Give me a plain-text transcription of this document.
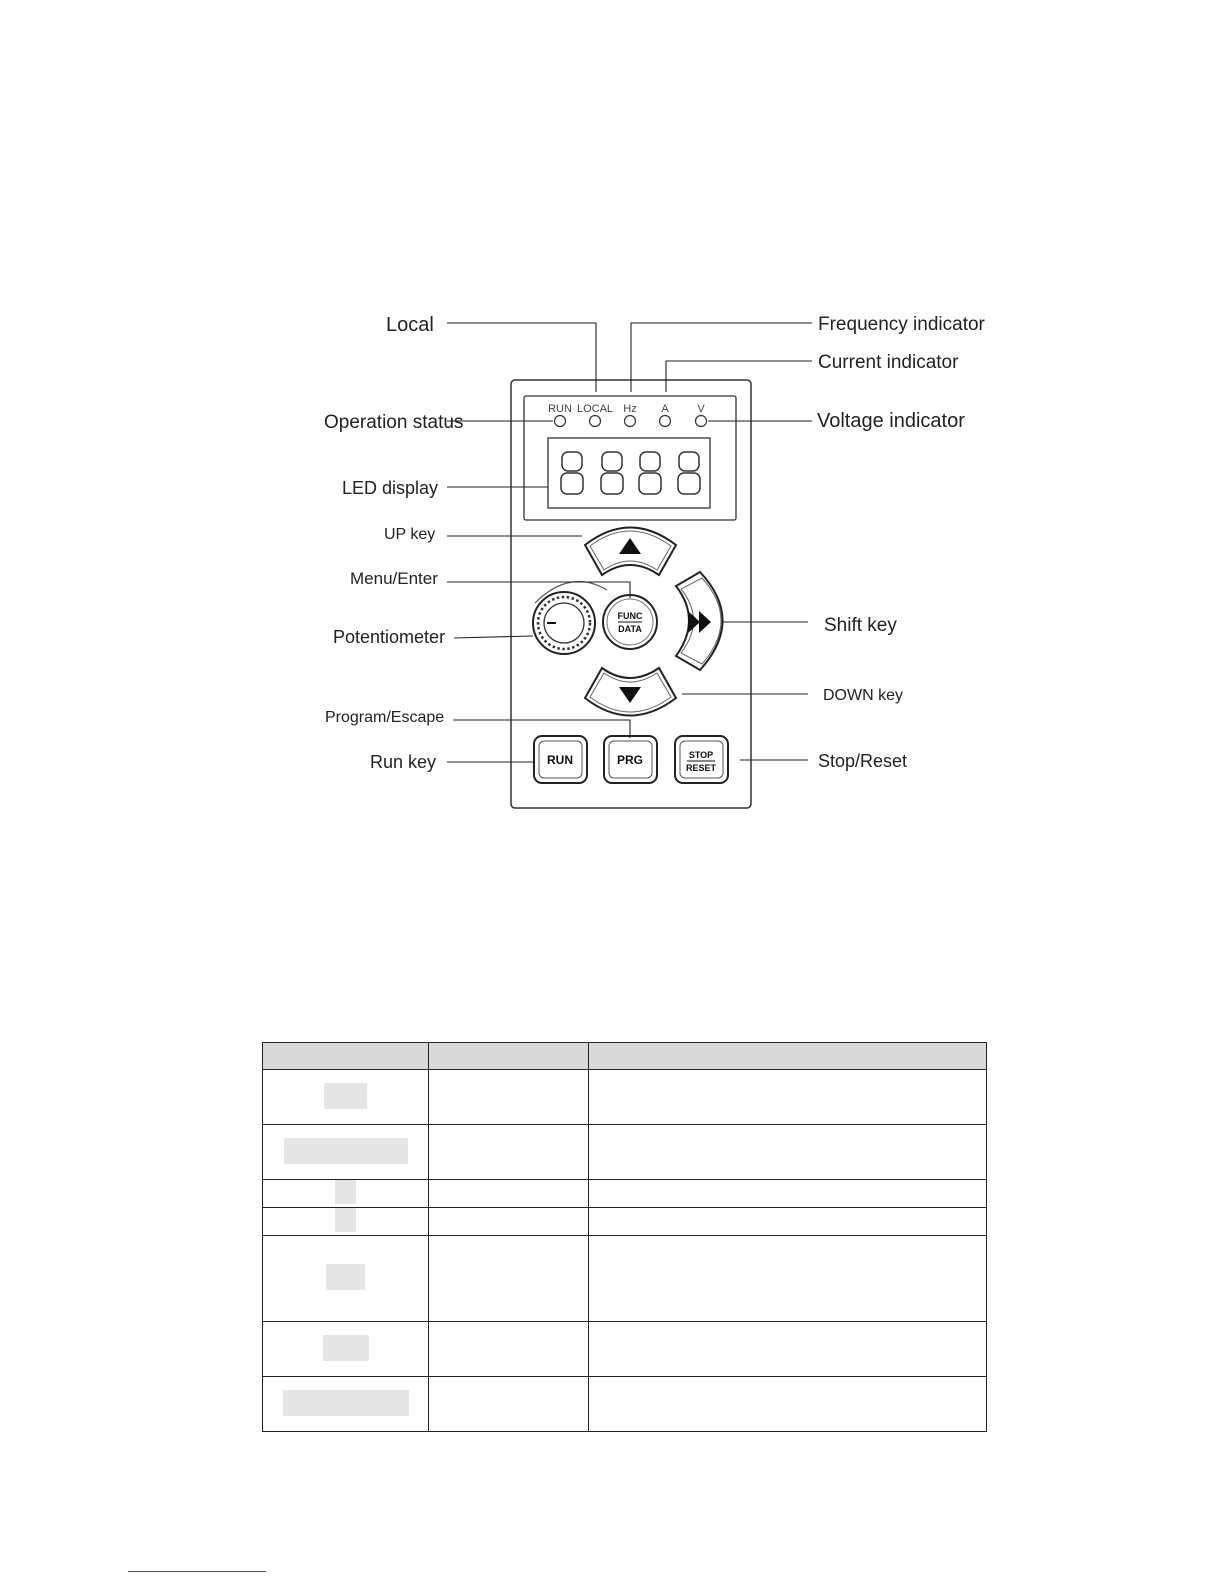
RUN LOCAL Hz A	V
FUNC
DATA
RUN	PRG	STOP
RESET
Local	Frequency indicator
Current indicator
Operation status	Voltage indicator
LED display
UP key
Menu/Enter
Potentiometer
Shift key
DOWN key
Program/Escape
Run key	Stop/Reset
